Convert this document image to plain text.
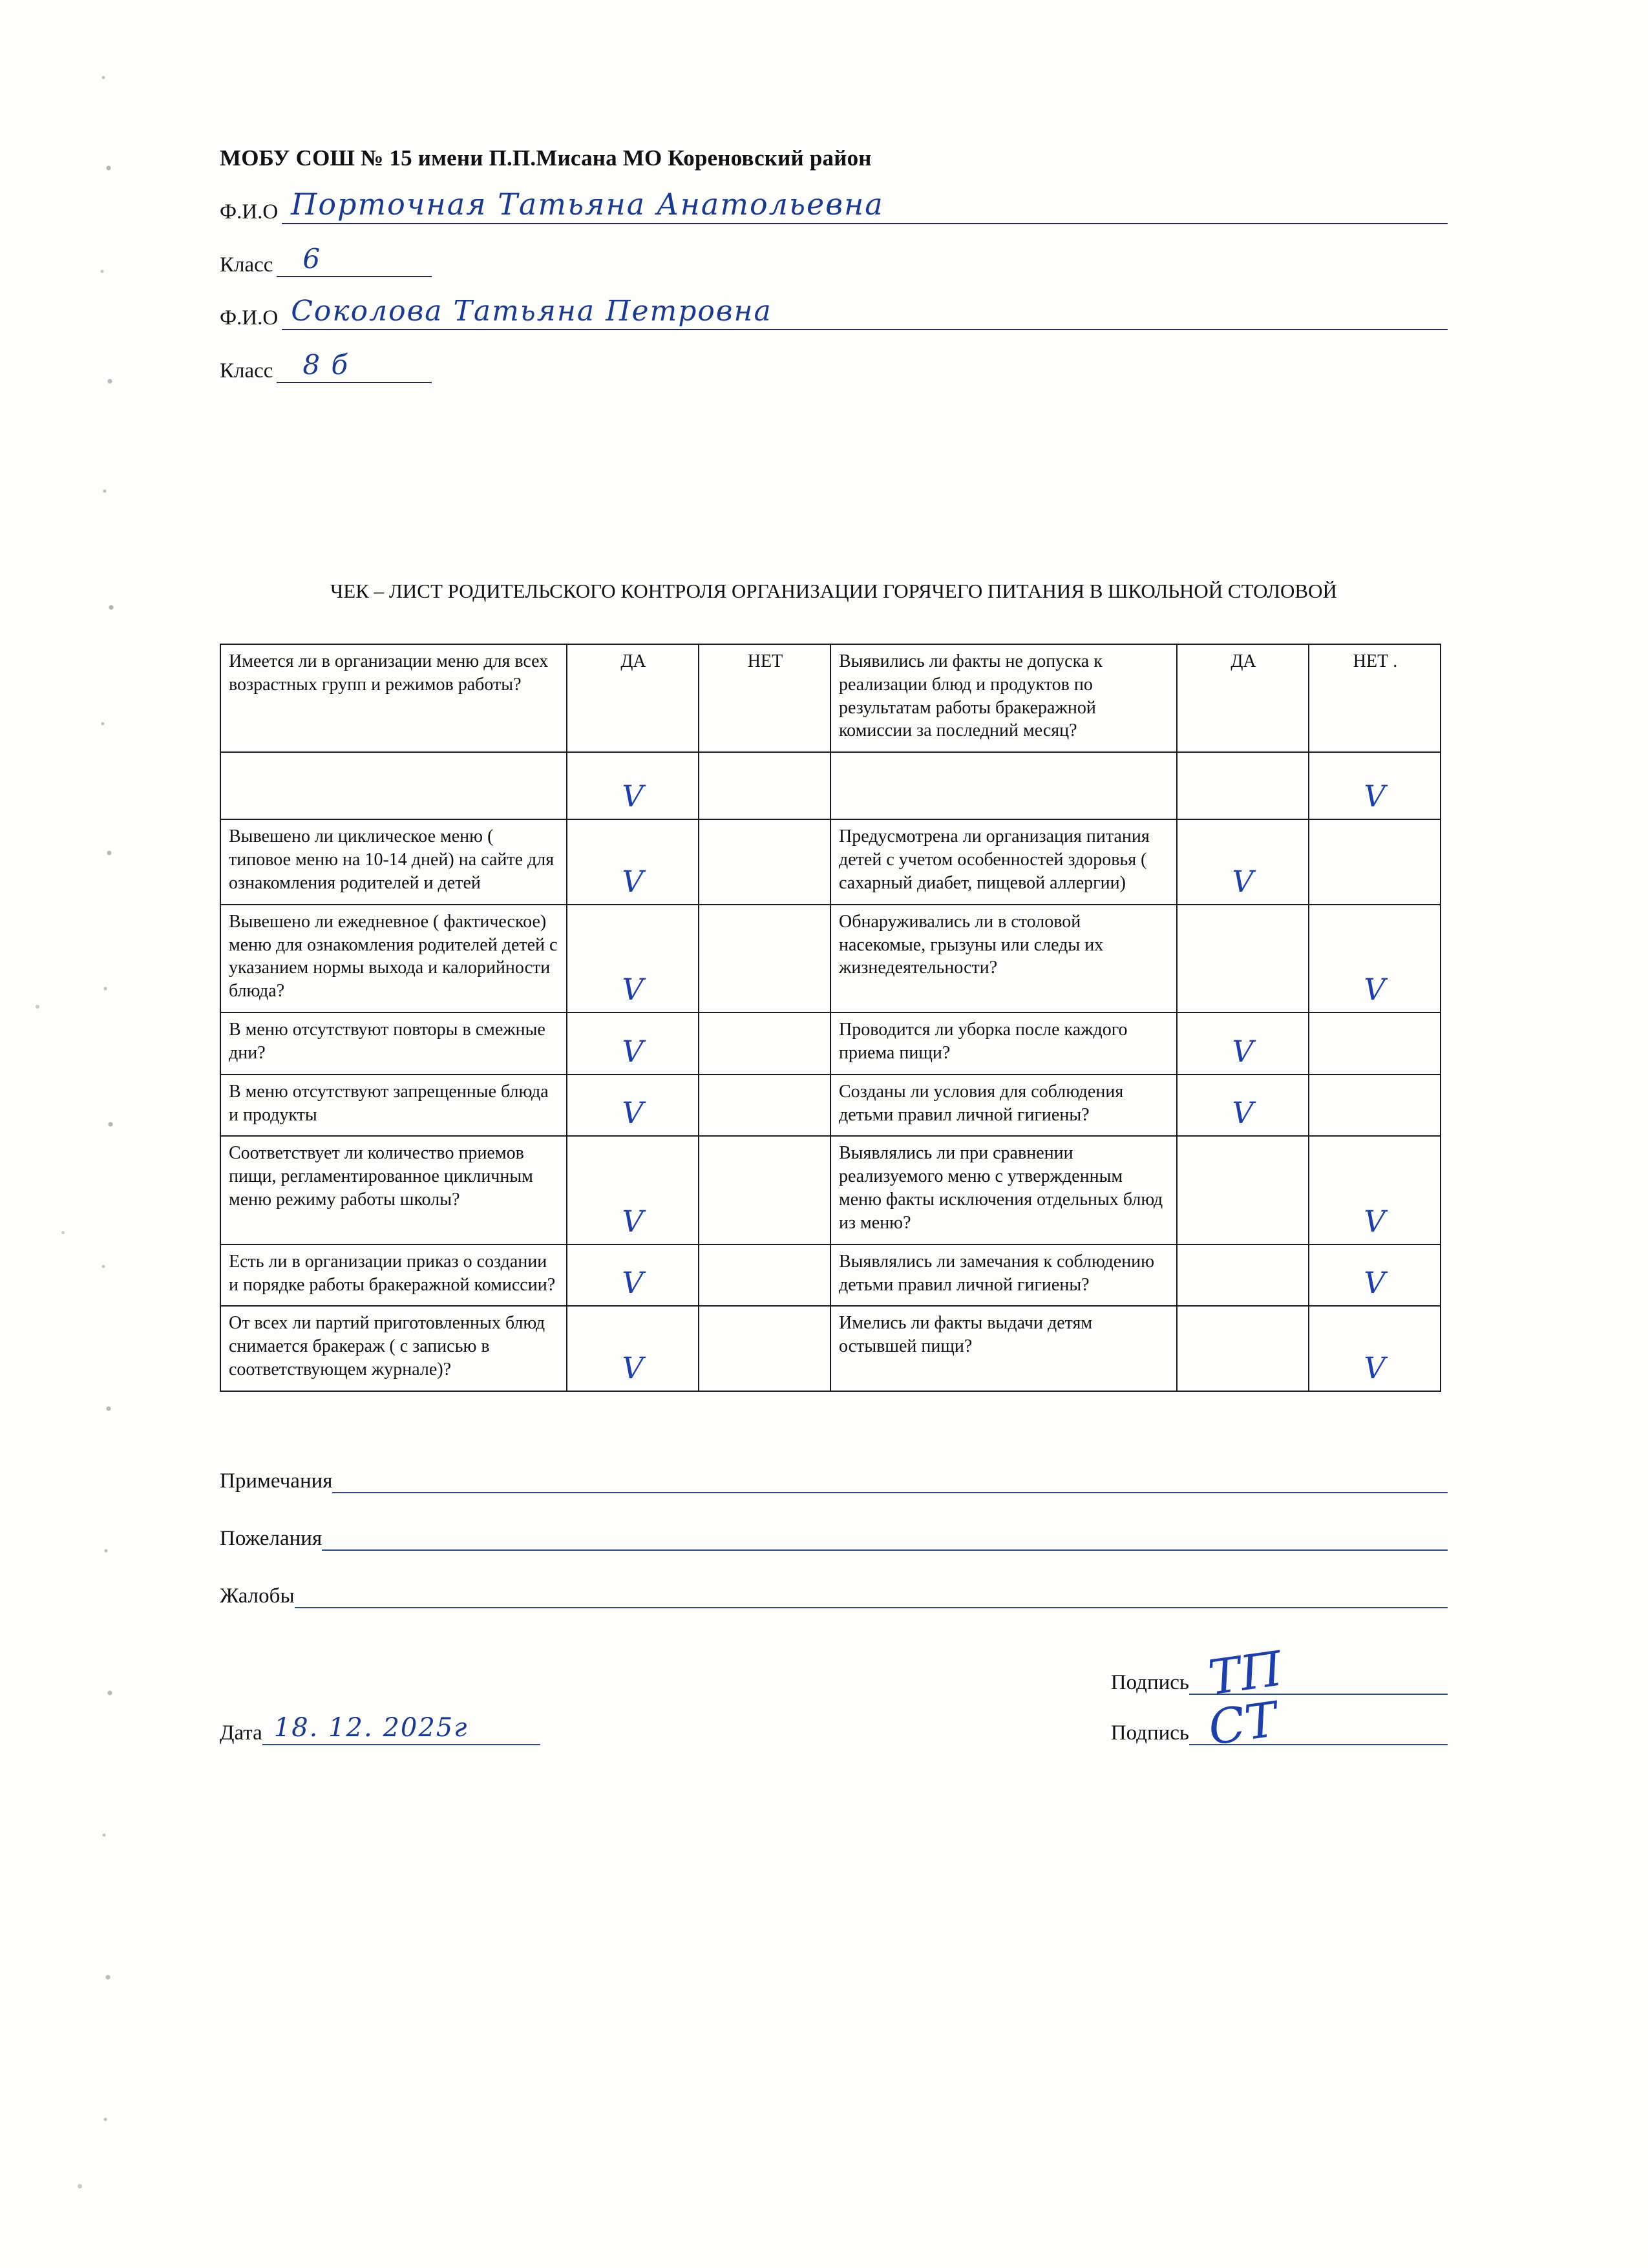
МОБУ СОШ № 15 имени П.П.Мисана МО Кореновский район
Ф.И.О Порточная Татьяна Анатольевна
Класс 6
Ф.И.О Соколова Татьяна Петровна
Класс 8 б
ЧЕК – ЛИСТ РОДИТЕЛЬСКОГО КОНТРОЛЯ ОРГАНИЗАЦИИ ГОРЯЧЕГО ПИТАНИЯ В ШКОЛЬНОЙ СТОЛОВОЙ
Имеется ли в организации меню для всех возрастных групп и режимов работы?	ДА	НЕТ	Выявились ли факты не допуска к реализации блюд и продуктов по результатам работы бракеражной комиссии за последний месяц?	ДА	НЕТ .

	V				V

Вывешено ли циклическое меню ( типовое меню на 10-14 дней) на сайте для ознакомления родителей и детей	V		Предусмотрена ли организация питания детей с учетом особенностей здоровья ( сахарный диабет, пищевой аллергии)	V	

Вывешено ли ежедневное ( фактическое) меню для ознакомления родителей детей с указанием нормы выхода и калорийности блюда?	V		Обнаруживались ли в столовой насекомые, грызуны или следы их жизнедеятельности?		V

В меню отсутствуют повторы в смежные дни?	V		Проводится ли уборка после каждого приема пищи?	V	

В меню отсутствуют запрещенные блюда и продукты	V		Созданы ли условия для соблюдения детьми правил личной гигиены?	V	

Соответствует ли количество приемов пищи, регламентированное цикличным меню режиму работы школы?	V		Выявлялись ли при сравнении реализуемого меню с утвержденным меню факты исключения отдельных блюд из меню?		V

Есть ли в организации приказ о создании и порядке работы бракеражной комиссии?	V		Выявлялись ли замечания к соблюдению детьми правил личной гигиены?		V

От всех ли партий приготовленных блюд снимается бракераж ( с записью в соответствующем журнале)?	V		Имелись ли факты выдачи детям остывшей пищи?		V
Примечания
Пожелания
Жалобы
Дата 18. 12. 2025г
Подпись ТП
Подпись СТ
